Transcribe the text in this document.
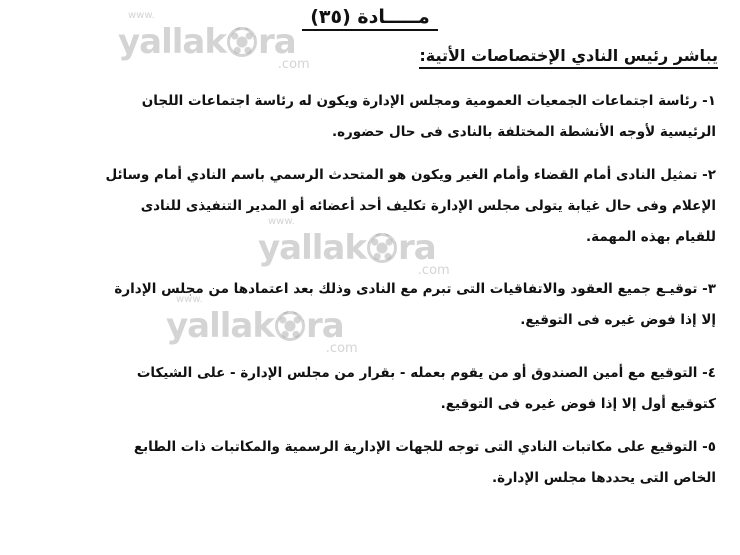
www.
yallak ra
.com
www.
yallak ra
.com
www.
yallak ra
.com
مـــــادة (٣٥)
يباشر رئيس النادي الإختصاصات الأتية:
١- رئاسة اجتماعات الجمعيات العمومية ومجلس الإدارة ويكون له رئاسة اجتماعات اللجان
الرئيسية لأوجه الأنشطة المختلفة بالنادى فى حال حضوره.
٢- تمثيل النادى أمام القضاء وأمام الغير ويكون هو المتحدث الرسمي باسم النادي أمام وسائل
الإعلام وفى حال غيابة يتولى مجلس الإدارة تكليف أحد أعضائه أو المدير التنفيذى للنادى
للقيام بهذه المهمة.
٣- توقيـع جميع العقود والاتفاقيات التى تبرم مع النادى وذلك بعد اعتمادها من مجلس الإدارة
إلا إذا فوض غيره فى التوقيع.
٤- التوقيع مع أمين الصندوق أو من يقوم بعمله - بقرار من مجلس الإدارة - على الشيكات
كتوقيع أول إلا إذا فوض غيره فى التوقيع.
٥- التوقيع على مكاتبات النادي التى توجه للجهات الإدارية الرسمية والمكاتبات ذات الطابع
الخاص التى يحددها مجلس الإدارة.
